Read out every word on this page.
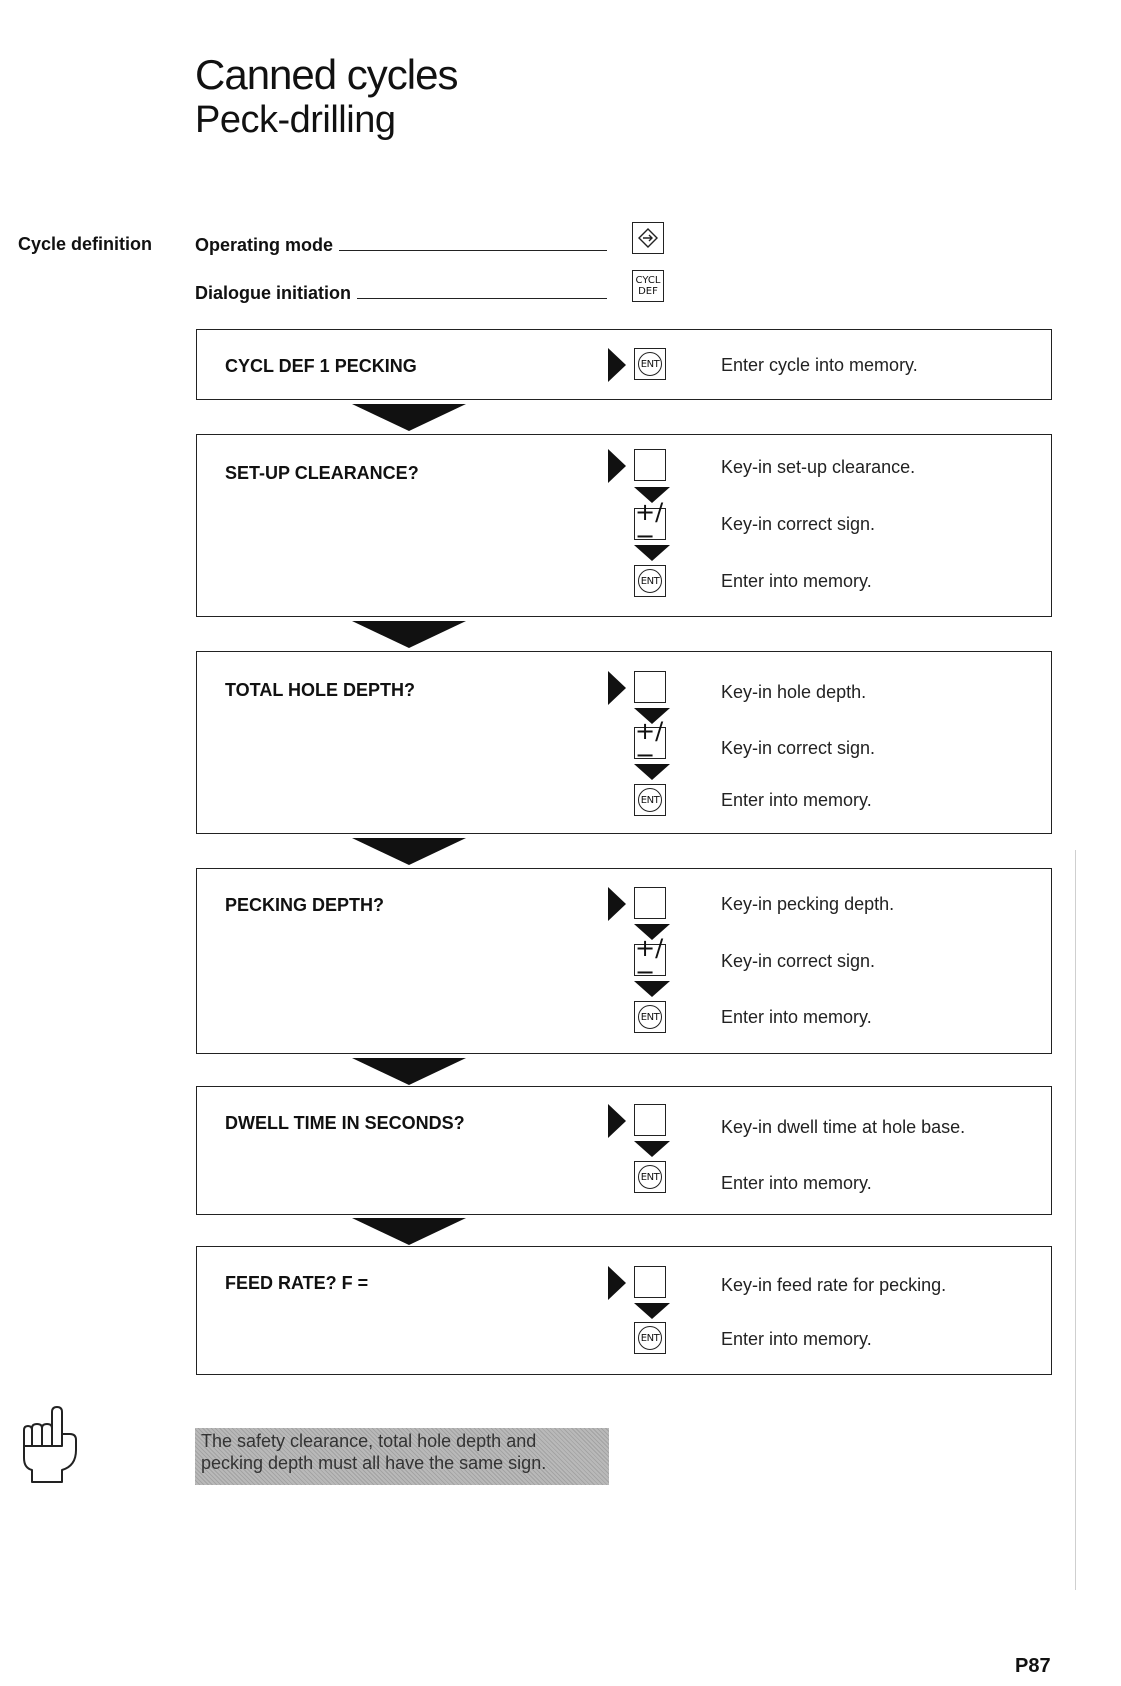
Canned cycles
Peck-drilling
Cycle definition Operating mode
Dialogue initiation
CYCL
DEF
CYCL DEF 1 PECKING	ENT	Enter cycle into memory.
SET-UP CLEARANCE?
+/−
ENT
Key-in set-up clearance.
Key-in correct sign.
Enter into memory.
TOTAL HOLE DEPTH?
+/−
ENT
Key-in hole depth.
Key-in correct sign.
Enter into memory.
PECKING DEPTH?
+/−
ENT
Key-in pecking depth.
Key-in correct sign.
Enter into memory.
DWELL TIME IN SECONDS?
ENT
Key-in dwell time at hole base.
Enter into memory.
FEED RATE? F =
ENT
Key-in feed rate for pecking.
Enter into memory.
The safety clearance, total hole depth and pecking depth must all have the same sign.
P87
